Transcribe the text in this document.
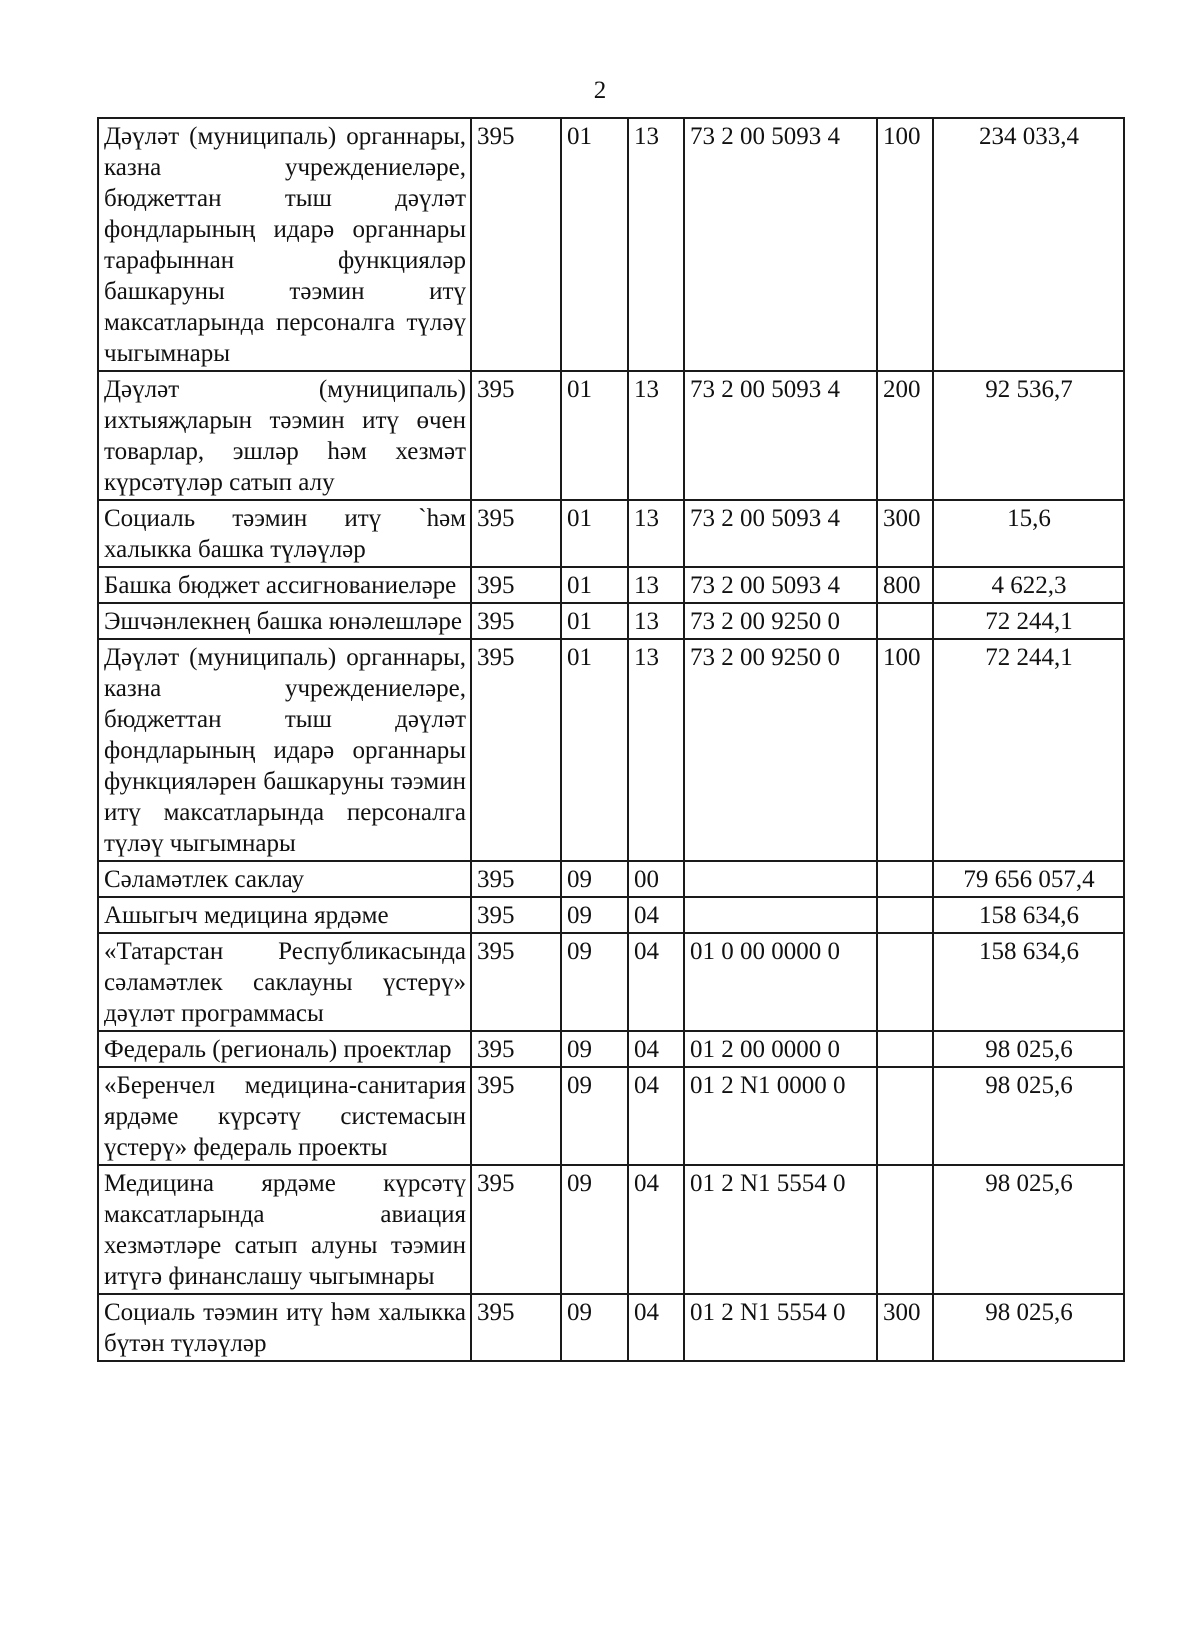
2
Дәүләт (муниципаль) органнары, казна учреждениеләре, бюджеттан тыш дәүләт фондларының идарә органнары тарафыннан функцияләр башкаруны тәэмин итү максатларында персоналга түләү чыгымнары	395	01	13	73 2 00 5093 4	100	234 033,4
Дәүләт (муниципаль) ихтыяҗларын тәэмин итү өчен товарлар, эшләр һәм хезмәт күрсәтүләр сатып алу	395	01	13	73 2 00 5093 4	200	92 536,7
Социаль тәэмин итү `һәм халыкка башка түләүләр	395	01	13	73 2 00 5093 4	300	15,6
Башка бюджет ассигнованиеләре	395	01	13	73 2 00 5093 4	800	4 622,3
Эшчәнлекнең башка юнәлешләре	395	01	13	73 2 00 9250 0		72 244,1
Дәүләт (муниципаль) органнары, казна учреждениеләре, бюджеттан тыш дәүләт фондларының идарә органнары функцияләрен башкаруны тәэмин итү максатларында персоналга түләү чыгымнары	395	01	13	73 2 00 9250 0	100	72 244,1
Сәламәтлек саклау	395	09	00			79 656 057,4
Ашыгыч медицина ярдәме	395	09	04			158 634,6
«Татарстан Республикасында сәламәтлек саклауны үстерү» дәүләт программасы	395	09	04	01 0 00 0000 0		158 634,6
Федераль (региональ) проектлар	395	09	04	01 2 00 0000 0		98 025,6
«Беренчел медицина-санитария ярдәме күрсәтү системасын үстерү» федераль проекты	395	09	04	01 2 N1 0000 0		98 025,6
Медицина ярдәме күрсәтү максатларында авиация хезмәтләре сатып алуны тәэмин итүгә финанслашу чыгымнары	395	09	04	01 2 N1 5554 0		98 025,6
Социаль тәэмин итү һәм халыкка бүтән түләүләр	395	09	04	01 2 N1 5554 0	300	98 025,6
